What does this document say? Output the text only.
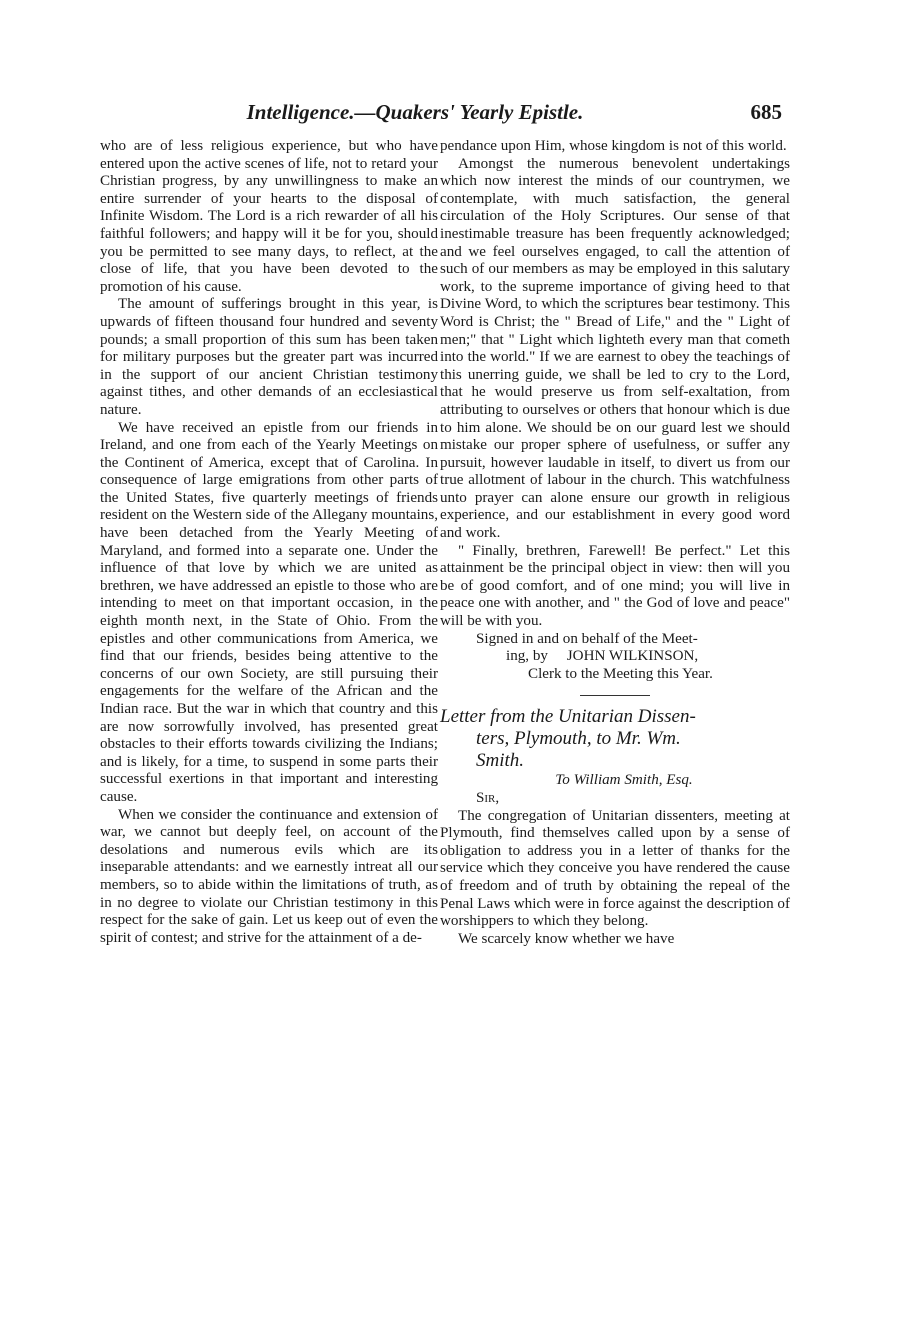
Intelligence.—Quakers' Yearly Epistle.	685

who are of less religious experience, but who have entered upon the active scenes of life, not to retard your Christian progress, by any unwillingness to make an entire surrender of your hearts to the disposal of Infinite Wisdom. The Lord is a rich rewarder of all his faithful followers; and happy will it be for you, should you be permitted to see many days, to reflect, at the close of life, that you have been devoted to the promotion of his cause.

The amount of sufferings brought in this year, is upwards of fifteen thousand four hundred and seventy pounds; a small proportion of this sum has been taken for military purposes but the greater part was incurred in the support of our ancient Christian testimony against tithes, and other demands of an ecclesiastical nature.

We have received an epistle from our friends in Ireland, and one from each of the Yearly Meetings on the Continent of America, except that of Carolina. In consequence of large emigrations from other parts of the United States, five quarterly meetings of friends resident on the Western side of the Allegany mountains, have been detached from the Yearly Meeting of Maryland, and formed into a separate one. Under the influence of that love by which we are united as brethren, we have addressed an epistle to those who are intending to meet on that important occasion, in the eighth month next, in the State of Ohio. From the epistles and other communications from America, we find that our friends, besides being attentive to the concerns of our own Society, are still pursuing their engagements for the welfare of the African and the Indian race. But the war in which that country and this are now sorrowfully involved, has presented great obstacles to their efforts towards civilizing the Indians; and is likely, for a time, to suspend in some parts their successful exertions in that important and interesting cause.

When we consider the continuance and extension of war, we cannot but deeply feel, on account of the desolations and numerous evils which are its inseparable attendants: and we earnestly intreat all our members, so to abide within the limitations of truth, as in no degree to violate our Christian testimony in this respect for the sake of gain. Let us keep out of even the spirit of contest; and strive for the attainment of a de-

pendance upon Him, whose kingdom is not of this world.

Amongst the numerous benevolent undertakings which now interest the minds of our countrymen, we contemplate, with much satisfaction, the general circulation of the Holy Scriptures. Our sense of that inestimable treasure has been frequently acknowledged; and we feel ourselves engaged, to call the attention of such of our members as may be employed in this salutary work, to the supreme importance of giving heed to that Divine Word, to which the scriptures bear testimony. This Word is Christ; the " Bread of Life," and the " Light of men;" that " Light which lighteth every man that cometh into the world." If we are earnest to obey the teachings of this unerring guide, we shall be led to cry to the Lord, that he would preserve us from self-exaltation, from attributing to ourselves or others that honour which is due to him alone. We should be on our guard lest we should mistake our proper sphere of usefulness, or suffer any pursuit, however laudable in itself, to divert us from our true allotment of labour in the church. This watchfulness unto prayer can alone ensure our growth in religious experience, and our establishment in every good word and work.

" Finally, brethren, Farewell! Be perfect." Let this attainment be the principal object in view: then will you be of good comfort, and of one mind; you will live in peace one with another, and " the God of love and peace" will be with you.

Signed in and on behalf of the Meet-

ing, by     JOHN WILKINSON,

Clerk to the Meeting this Year.

Letter from the Unitarian Dissen-
ters, Plymouth, to Mr. Wm.
Smith.

To William Smith, Esq.

Sir,

The congregation of Unitarian dissenters, meeting at Plymouth, find themselves called upon by a sense of obligation to address you in a letter of thanks for the service which they conceive you have rendered the cause of freedom and of truth by obtaining the repeal of the Penal Laws which were in force against the description of worshippers to which they belong.

We scarcely know whether we have
